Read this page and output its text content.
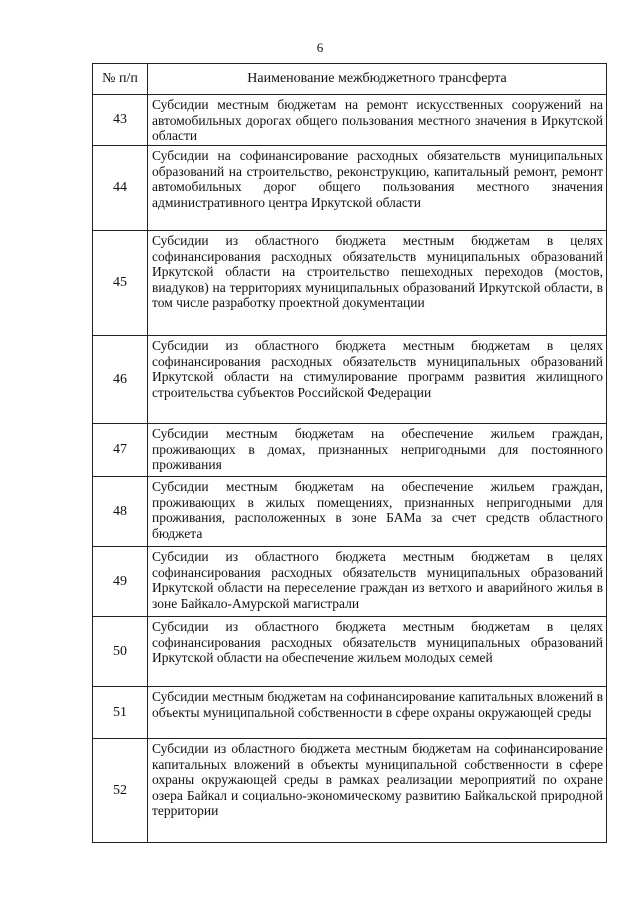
6
№ п/п	Наименование межбюджетного трансферта
43	Субсидии местным бюджетам на ремонт искусственных сооружений на автомобильных дорогах общего пользования местного значения в Иркутской области
44	Субсидии на софинансирование расходных обязательств муниципальных образований на строительство, реконструкцию, капитальный ремонт, ремонт автомобильных дорог общего пользования местного значения административного центра Иркутской области
45	Субсидии из областного бюджета местным бюджетам в целях софинансирования расходных обязательств муниципальных образований Иркутской области на строительство пешеходных переходов (мостов, виадуков) на территориях муниципальных образований Иркутской области, в том числе разработку проектной документации
46	Субсидии из областного бюджета местным бюджетам в целях софинансирования расходных обязательств муниципальных образований Иркутской области на стимулирование программ развития жилищного строительства субъектов Российской Федерации
47	Субсидии местным бюджетам на обеспечение жильем граждан, проживающих в домах, признанных непригодными для постоянного проживания
48	Субсидии местным бюджетам на обеспечение жильем граждан, проживающих в жилых помещениях, признанных непригодными для проживания, расположенных в зоне БАМа за счет средств областного бюджета
49	Субсидии из областного бюджета местным бюджетам в целях софинансирования расходных обязательств муниципальных образований Иркутской области на переселение граждан из ветхого и аварийного жилья в зоне Байкало-Амурской магистрали
50	Субсидии из областного бюджета местным бюджетам в целях софинансирования расходных обязательств муниципальных образований Иркутской области на обеспечение жильем молодых семей
51	Субсидии местным бюджетам на софинансирование капитальных вложений в объекты муниципальной собственности в сфере охраны окружающей среды
52	Субсидии из областного бюджета местным бюджетам на софинансирование капитальных вложений в объекты муниципальной собственности в сфере охраны окружающей среды в рамках реализации мероприятий по охране озера Байкал и социально-экономическому развитию Байкальской природной территории
